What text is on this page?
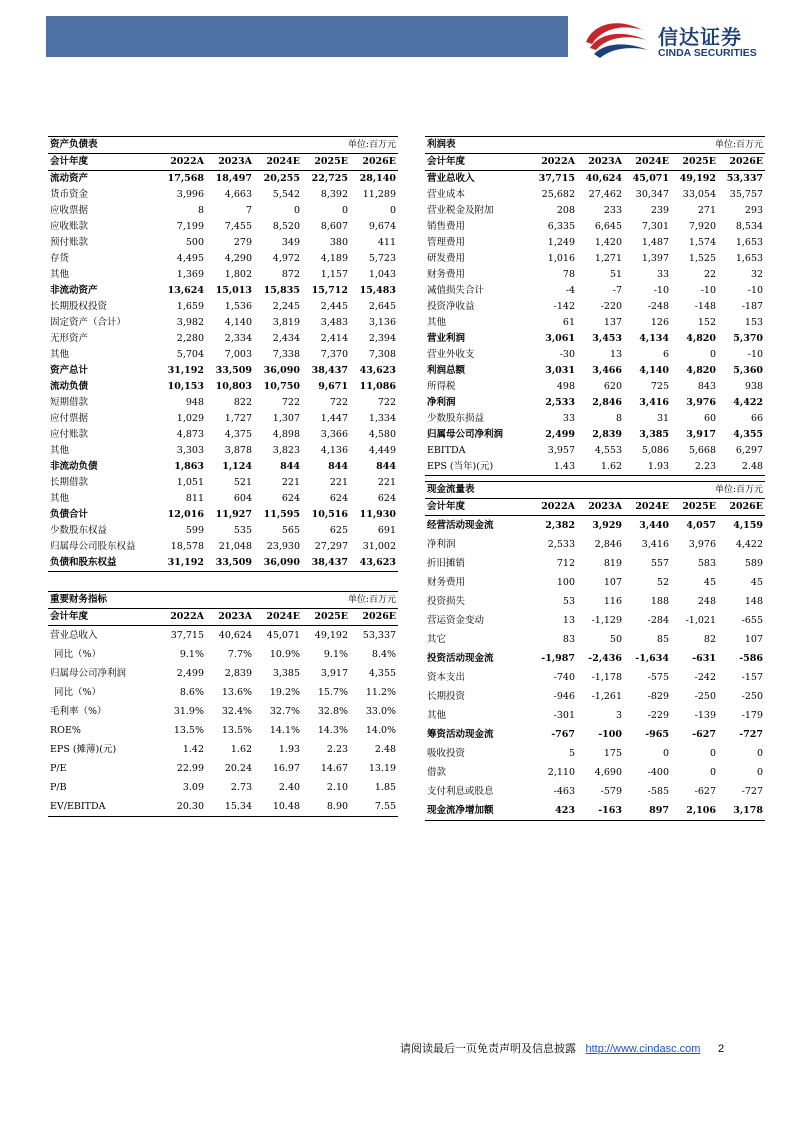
信达证券
CINDA SECURITIES
资产负债表			单位:百万元		
会计年度	2022A	2023A	2024E	2025E	2026E
流动资产	17,568	18,497	20,255	22,725	28,140
货币资金	3,996	4,663	5,542	8,392	11,289
应收票据	8	7	0	0	0
应收账款	7,199	7,455	8,520	8,607	9,674
预付账款	500	279	349	380	411
存货	4,495	4,290	4,972	4,189	5,723
其他	1,369	1,802	872	1,157	1,043
非流动资产	13,624	15,013	15,835	15,712	15,483
长期股权投资	1,659	1,536	2,245	2,445	2,645
固定资产（合计）	3,982	4,140	3,819	3,483	3,136
无形资产	2,280	2,334	2,434	2,414	2,394
其他	5,704	7,003	7,338	7,370	7,308
资产总计	31,192	33,509	36,090	38,437	43,623
流动负债	10,153	10,803	10,750	9,671	11,086
短期借款	948	822	722	722	722
应付票据	1,029	1,727	1,307	1,447	1,334
应付账款	4,873	4,375	4,898	3,366	4,580
其他	3,303	3,878	3,823	4,136	4,449
非流动负债	1,863	1,124	844	844	844
长期借款	1,051	521	221	221	221
其他	811	604	624	624	624
负债合计	12,016	11,927	11,595	10,516	11,930
少数股东权益	599	535	565	625	691
归属母公司股东权益	18,578	21,048	23,930	27,297	31,002
负债和股东权益	31,192	33,509	36,090	38,437	43,623
重要财务指标			单位:百万元		
会计年度	2022A	2023A	2024E	2025E	2026E
营业总收入	37,715	40,624	45,071	49,192	53,337
同比（%）	9.1%	7.7%	10.9%	9.1%	8.4%
归属母公司净利润	2,499	2,839	3,385	3,917	4,355
同比（%）	8.6%	13.6%	19.2%	15.7%	11.2%
毛利率（%）	31.9%	32.4%	32.7%	32.8%	33.0%
ROE%	13.5%	13.5%	14.1%	14.3%	14.0%
EPS (摊薄)(元)	1.42	1.62	1.93	2.23	2.48
P/E	22.99	20.24	16.97	14.67	13.19
P/B	3.09	2.73	2.40	2.10	1.85
EV/EBITDA	20.30	15.34	10.48	8.90	7.55
利润表			单位:百万元		
会计年度	2022A	2023A	2024E	2025E	2026E
营业总收入	37,715	40,624	45,071	49,192	53,337
营业成本	25,682	27,462	30,347	33,054	35,757
营业税金及附加	208	233	239	271	293
销售费用	6,335	6,645	7,301	7,920	8,534
管理费用	1,249	1,420	1,487	1,574	1,653
研发费用	1,016	1,271	1,397	1,525	1,653
财务费用	78	51	33	22	32
减值损失合计	-4	-7	-10	-10	-10
投资净收益	-142	-220	-248	-148	-187
其他	61	137	126	152	153
营业利润	3,061	3,453	4,134	4,820	5,370
营业外收支	-30	13	6	0	-10
利润总额	3,031	3,466	4,140	4,820	5,360
所得税	498	620	725	843	938
净利润	2,533	2,846	3,416	3,976	4,422
少数股东损益	33	8	31	60	66
归属母公司净利润	2,499	2,839	3,385	3,917	4,355
EBITDA	3,957	4,553	5,086	5,668	6,297
EPS (当年)(元)	1.43	1.62	1.93	2.23	2.48
现金流量表			单位:百万元		
会计年度	2022A	2023A	2024E	2025E	2026E
经营活动现金流	2,382	3,929	3,440	4,057	4,159
净利润	2,533	2,846	3,416	3,976	4,422
折旧摊销	712	819	557	583	589
财务费用	100	107	52	45	45
投资损失	53	116	188	248	148
营运资金变动	13	-1,129	-284	-1,021	-655
其它	83	50	85	82	107
投资活动现金流	-1,987	-2,436	-1,634	-631	-586
资本支出	-740	-1,178	-575	-242	-157
长期投资	-946	-1,261	-829	-250	-250
其他	-301	3	-229	-139	-179
筹资活动现金流	-767	-100	-965	-627	-727
吸收投资	5	175	0	0	0
借款	2,110	4,690	-400	0	0
支付利息或股息	-463	-579	-585	-627	-727
现金流净增加额	423	-163	897	2,106	3,178
请阅读最后一页免责声明及信息披露 http://www.cindasc.com 2
